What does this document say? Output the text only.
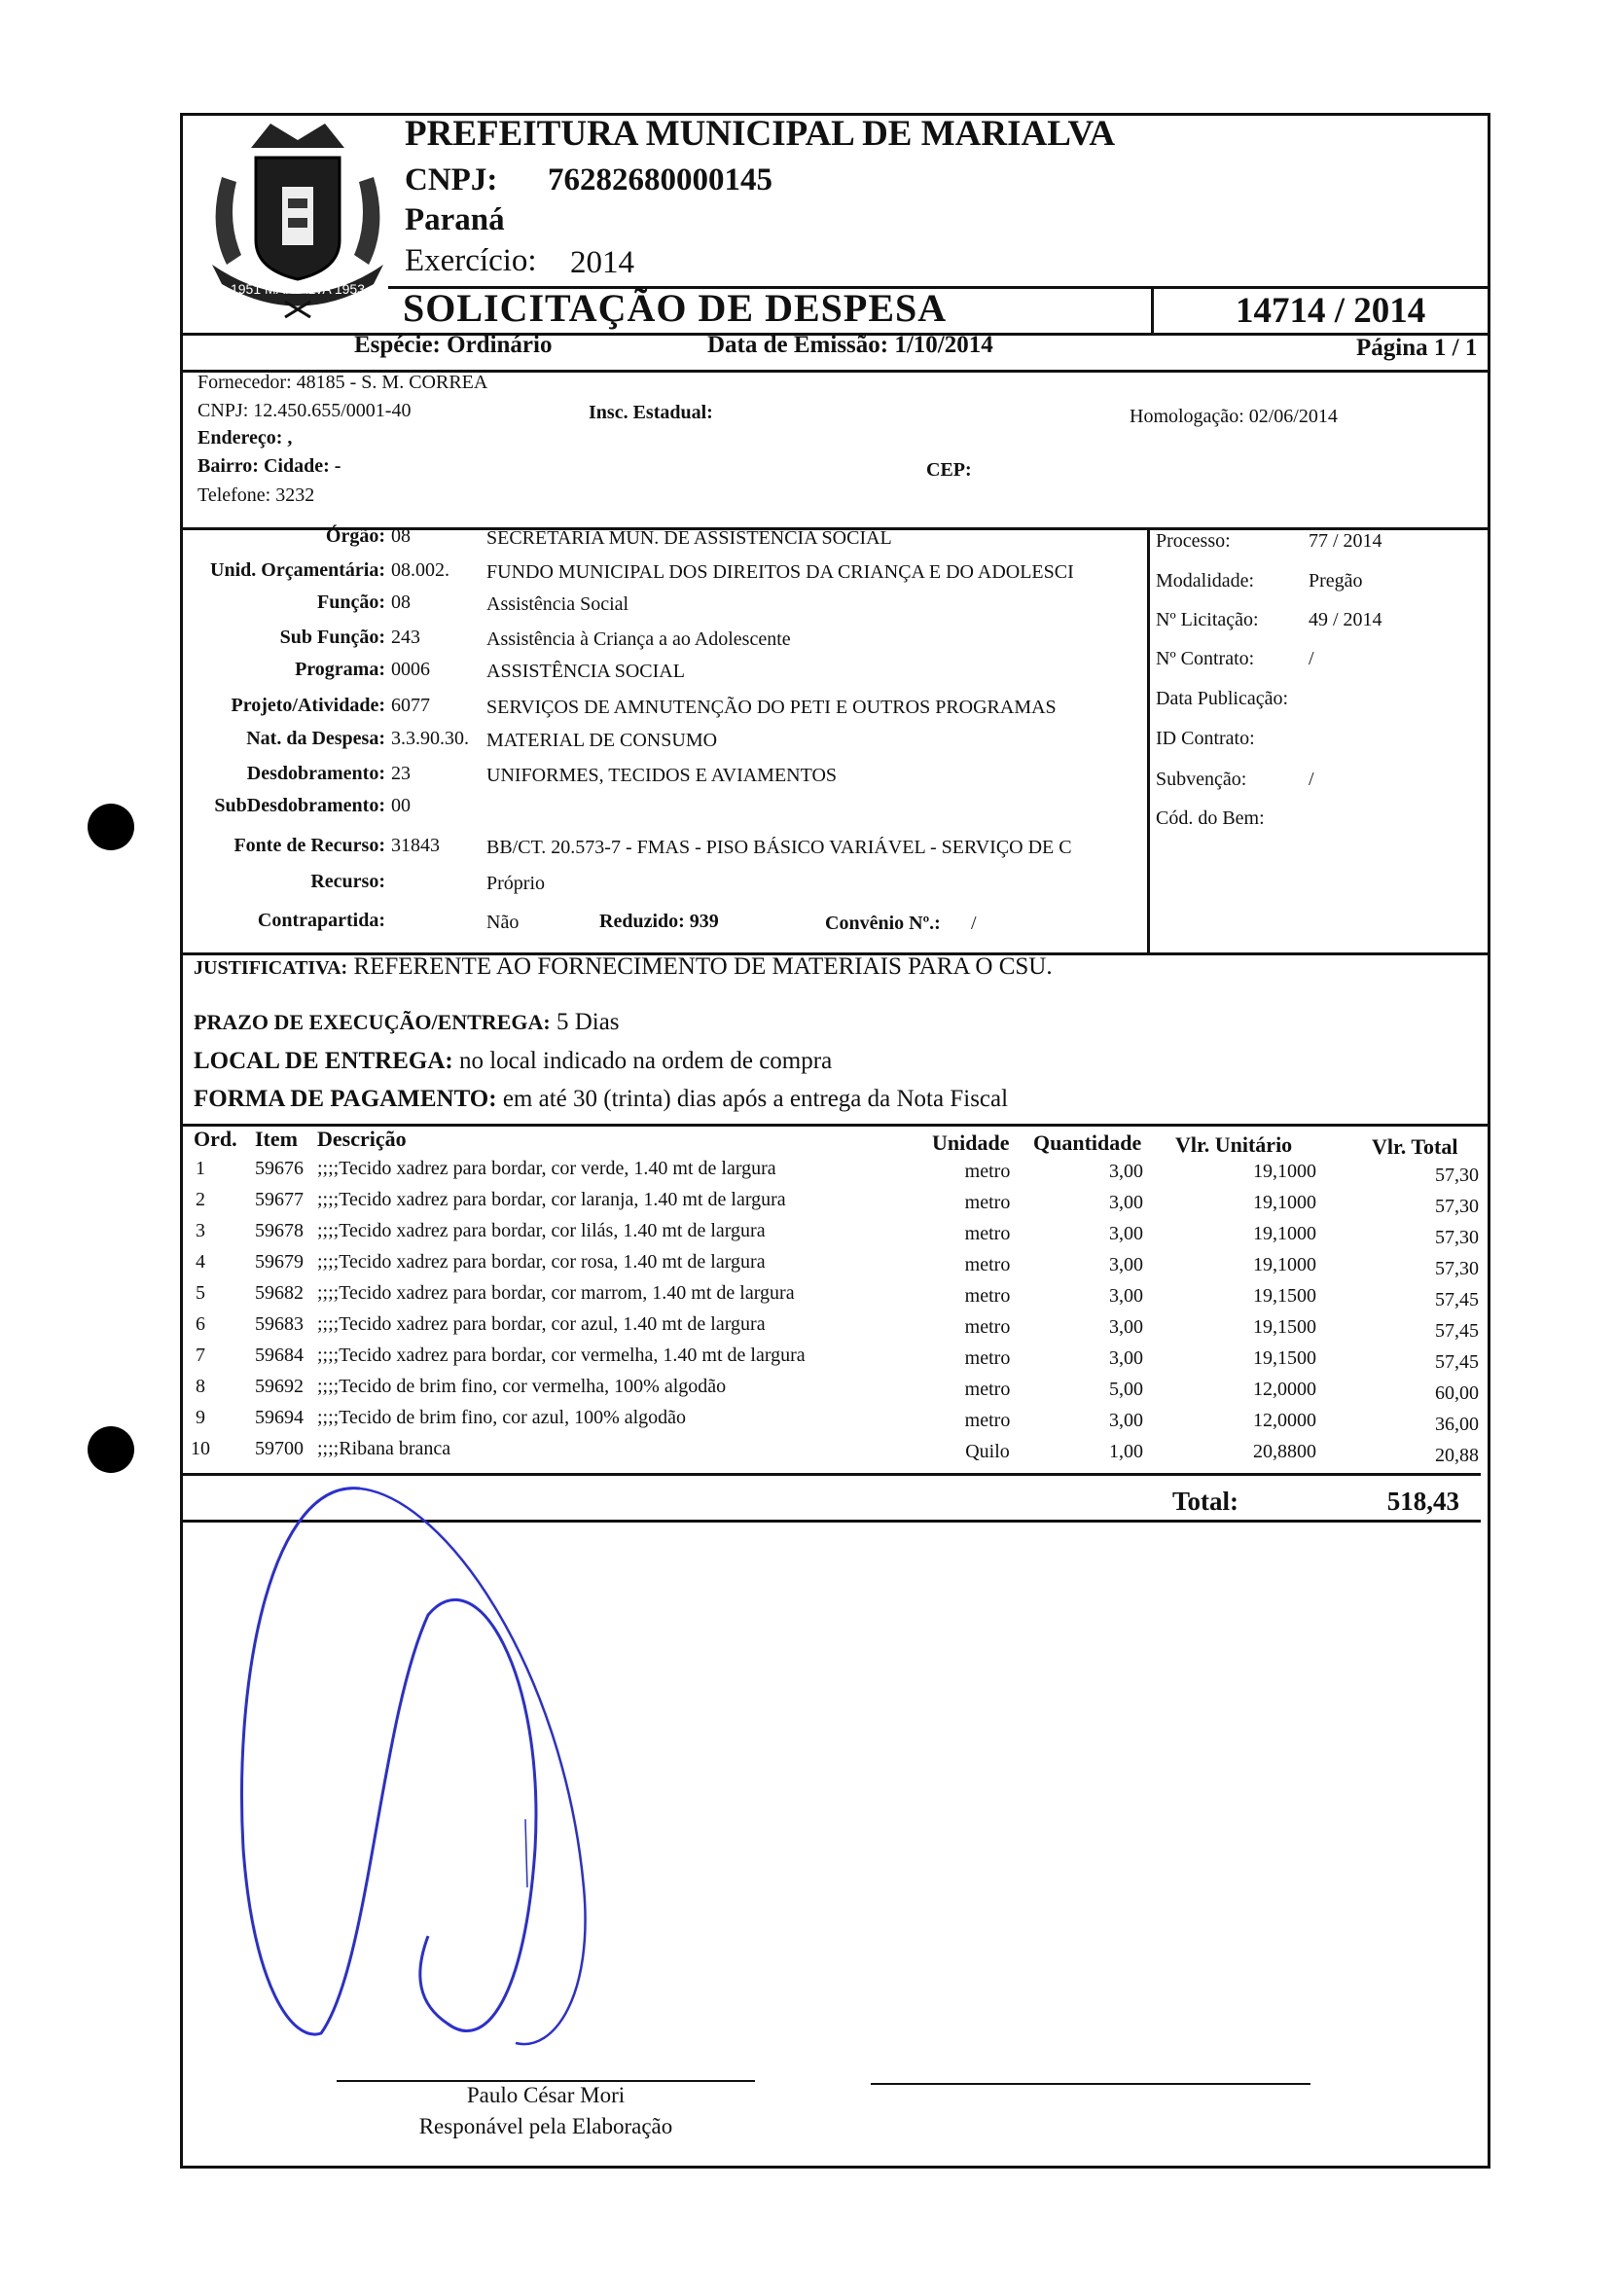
1951 MARIALVA 1953
PREFEITURA MUNICIPAL DE MARIALVA
CNPJ: 76282680000145
Paraná
Exercício: 2014
SOLICITAÇÃO DE DESPESA	14714 / 2014
Espécie: Ordinário	Data de Emissão: 1/10/2014	Página 1 / 1
Fornecedor: 48185 - S. M. CORREA
CNPJ: 12.450.655/0001-40	Insc. Estadual:	Homologação: 02/06/2014
Endereço: ,
Bairro: Cidade: -	CEP:
Telefone: 3232
Órgão: 08	SECRETARIA MUN. DE ASSISTÊNCIA SOCIAL
Unid. Orçamentária: 08.002. FUNDO MUNICIPAL DOS DIREITOS DA CRIANÇA E DO ADOLESCI
Função: 08	Assistência Social
Sub Função: 243	Assistência à Criança a ao Adolescente
Programa: 0006	ASSISTÊNCIA SOCIAL
Projeto/Atividade: 6077	SERVIÇOS DE AMNUTENÇÃO DO PETI E OUTROS PROGRAMAS
Nat. da Despesa: 3.3.90.30. MATERIAL DE CONSUMO
Desdobramento: 23	UNIFORMES, TECIDOS E AVIAMENTOS
SubDesdobramento: 00
Fonte de Recurso: 31843 BB/CT. 20.573-7 - FMAS - PISO BÁSICO VARIÁVEL - SERVIÇO DE C
Recurso:	Próprio
Contrapartida:	Não	Reduzido: 939	Convênio Nº.: /
Processo:	77 / 2014
Modalidade:	Pregão
Nº Licitação:	49 / 2014
Nº Contrato:	/
Data Publicação:
ID Contrato:
Subvenção:	/
Cód. do Bem:
JUSTIFICATIVA: REFERENTE AO FORNECIMENTO DE MATERIAIS PARA O CSU.
PRAZO DE EXECUÇÃO/ENTREGA: 5 Dias
LOCAL DE ENTREGA: no local indicado na ordem de compra
FORMA DE PAGAMENTO: em até 30 (trinta) dias após a entrega da Nota Fiscal
Ord. Item Descrição	Unidade Quantidade Vlr. Unitário	Vlr. Total
1	59676 ;;;;Tecido xadrez para bordar, cor verde, 1.40 mt de largura	metro	3,00	19,1000	57,30
2	59677 ;;;;Tecido xadrez para bordar, cor laranja, 1.40 mt de largura	metro	3,00	19,1000	57,30
3	59678 ;;;;Tecido xadrez para bordar, cor lilás, 1.40 mt de largura	metro	3,00	19,1000	57,30
4	59679 ;;;;Tecido xadrez para bordar, cor rosa, 1.40 mt de largura	metro	3,00	19,1000	57,30
5	59682 ;;;;Tecido xadrez para bordar, cor marrom, 1.40 mt de largura	metro	3,00	19,1500	57,45
6	59683 ;;;;Tecido xadrez para bordar, cor azul, 1.40 mt de largura	metro	3,00	19,1500	57,45
7	59684 ;;;;Tecido xadrez para bordar, cor vermelha, 1.40 mt de largura	metro	3,00	19,1500	57,45
8	59692 ;;;;Tecido de brim fino, cor vermelha, 100% algodão	metro	5,00	12,0000	60,00
9	59694 ;;;;Tecido de brim fino, cor azul, 100% algodão	metro	3,00	12,0000	36,00
10 59700 ;;;;Ribana branca	Quilo	1,00	20,8800	20,88
Total:	518,43
Paulo César Mori
Responável pela Elaboração
